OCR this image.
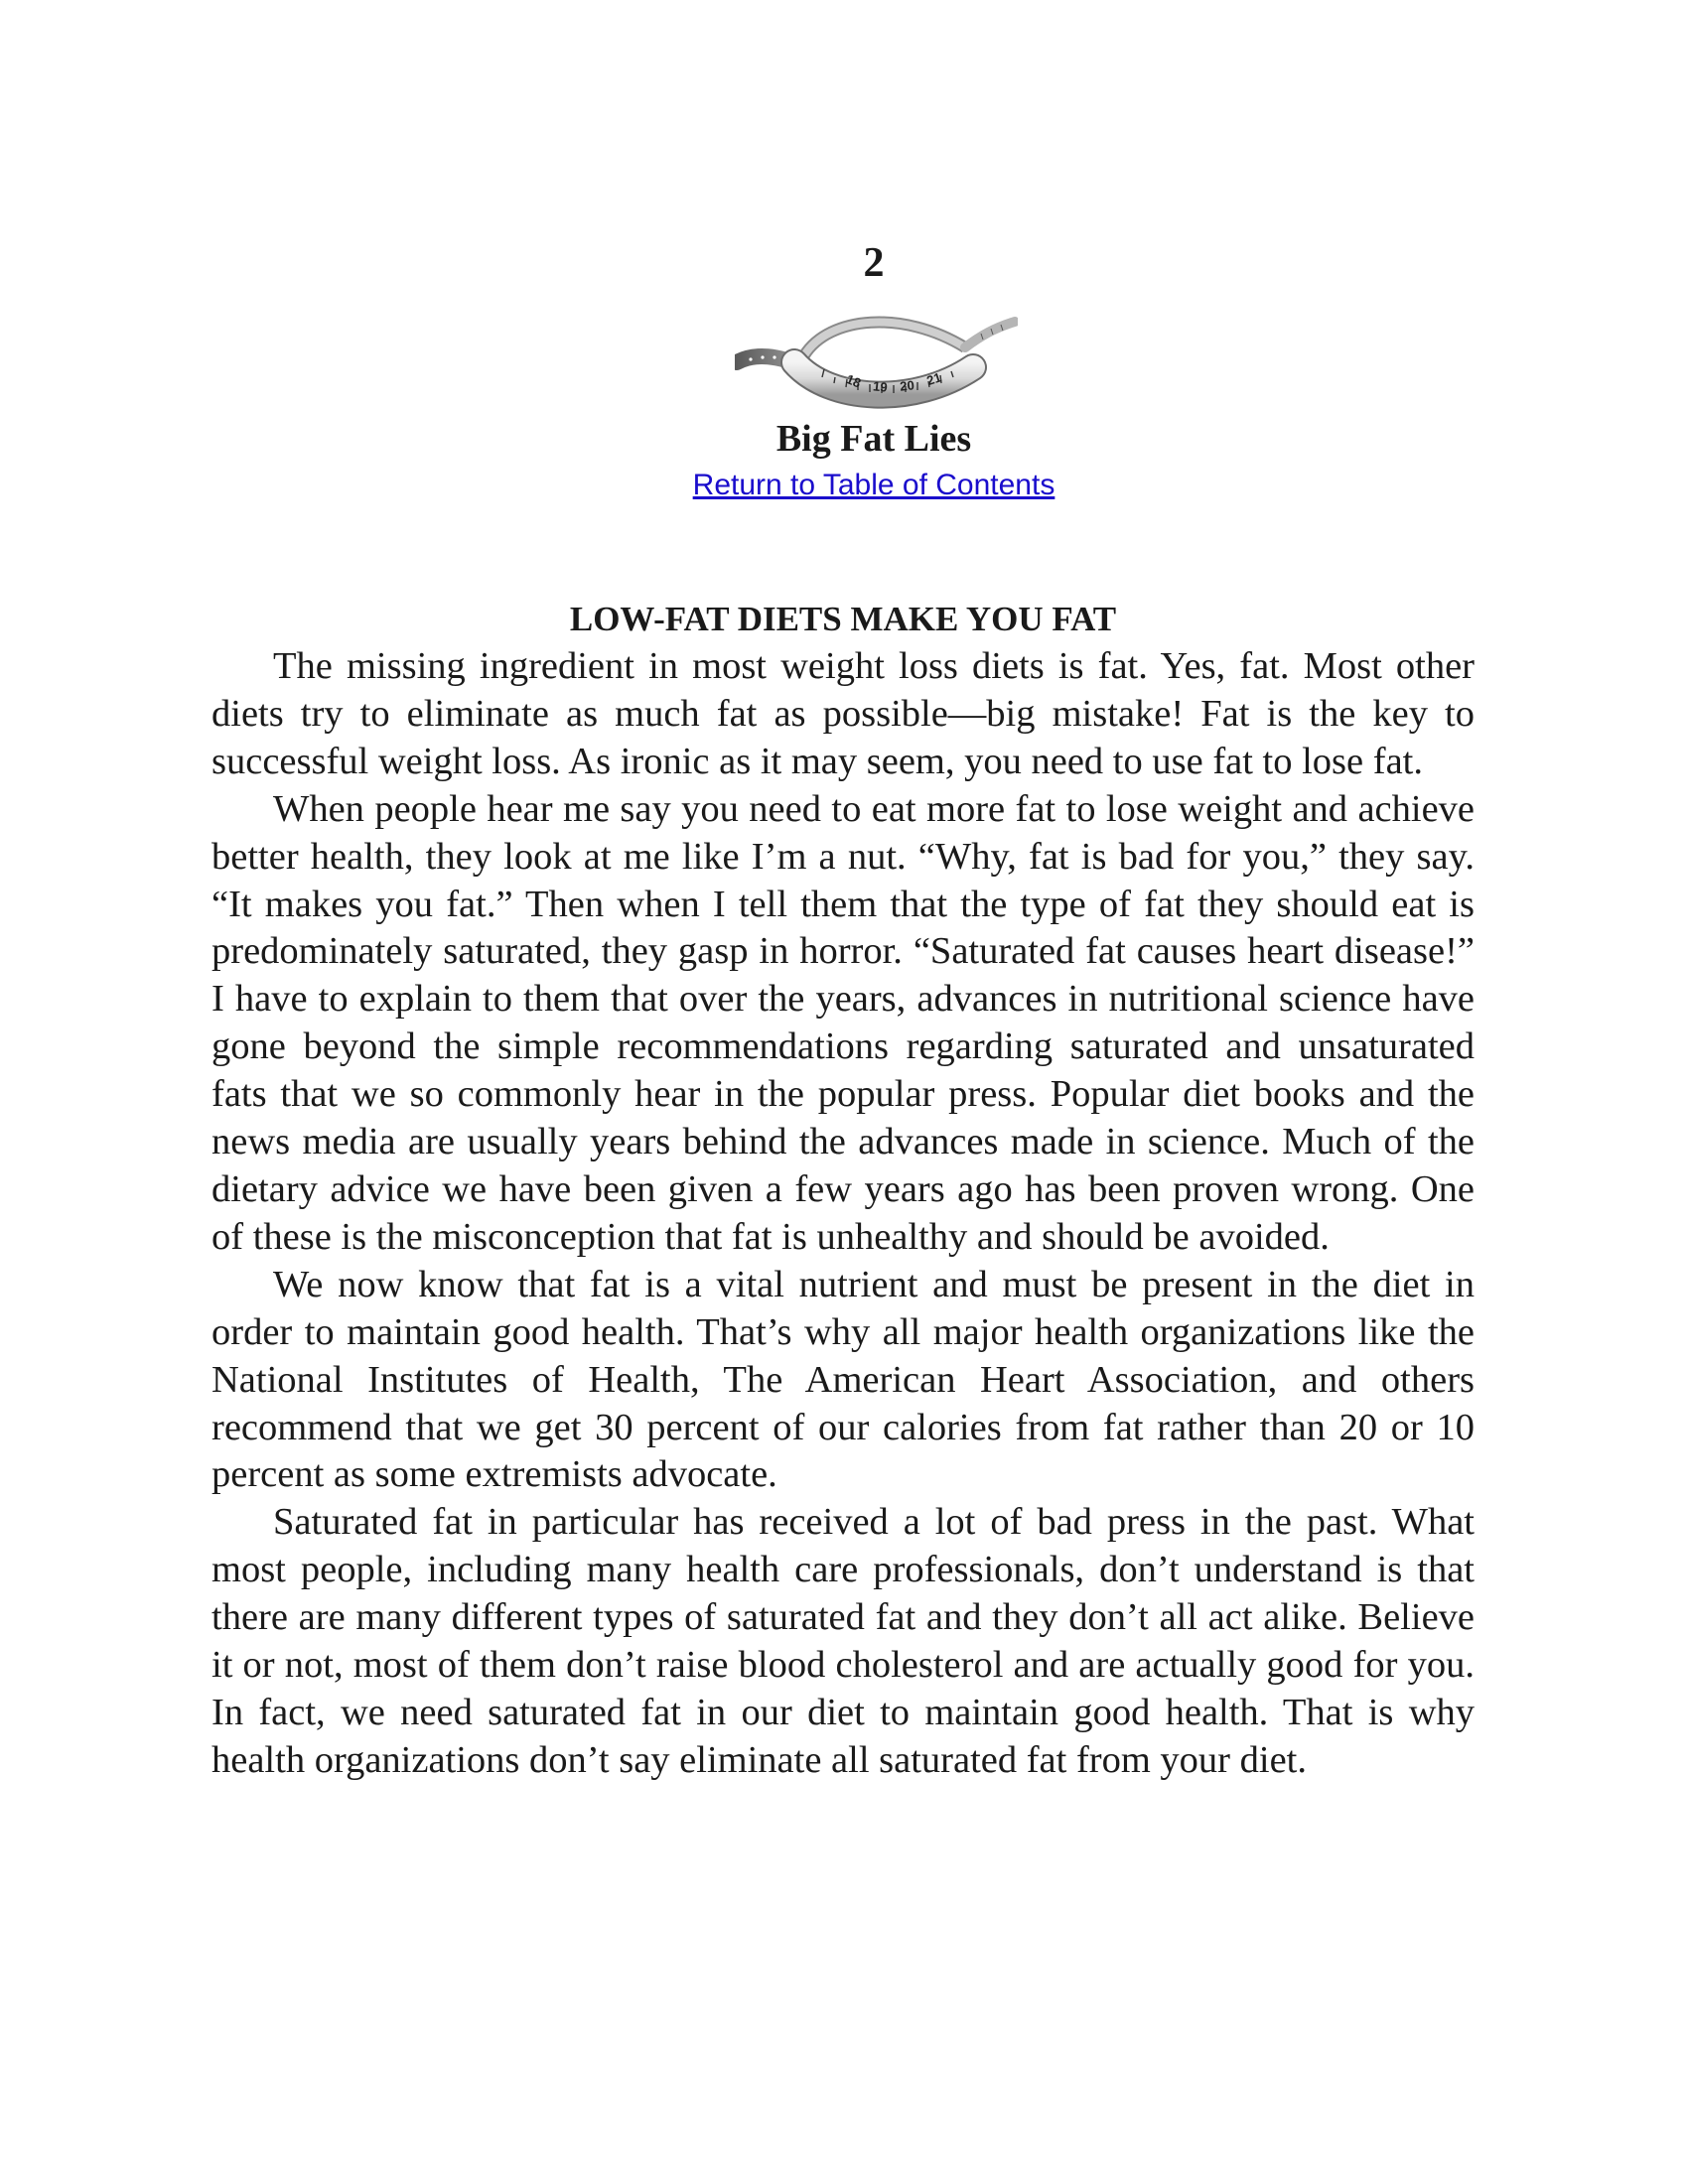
2
18 19 20 21
Big Fat Lies
Return to Table of Contents
LOW-FAT DIETS MAKE YOU FAT

The missing ingredient in most weight loss diets is fat. Yes, fat. Most other diets try to eliminate as much fat as possible—big mistake! Fat is the key to successful weight loss. As ironic as it may seem, you need to use fat to lose fat.

When people hear me say you need to eat more fat to lose weight and achieve better health, they look at me like I’m a nut. “Why, fat is bad for you,” they say. “It makes you fat.” Then when I tell them that the type of fat they should eat is predominately saturated, they gasp in horror. “Saturated fat causes heart disease!” I have to explain to them that over the years, advances in nutritional science have gone beyond the simple recommendations regarding saturated and unsaturated fats that we so commonly hear in the popular press. Popular diet books and the news media are usually years behind the advances made in science. Much of the dietary advice we have been given a few years ago has been proven wrong. One of these is the misconception that fat is unhealthy and should be avoided.

We now know that fat is a vital nutrient and must be present in the diet in order to maintain good health. That’s why all major health organizations like the National Institutes of Health, The American Heart Association, and others recommend that we get 30 percent of our calories from fat rather than 20 or 10 percent as some extremists advocate.

Saturated fat in particular has received a lot of bad press in the past. What most people, including many health care professionals, don’t understand is that there are many different types of saturated fat and they don’t all act alike. Believe it or not, most of them don’t raise blood cholesterol and are actually good for you. In fact, we need saturated fat in our diet to maintain good health. That is why health organizations don’t say eliminate all saturated fat from your diet.
